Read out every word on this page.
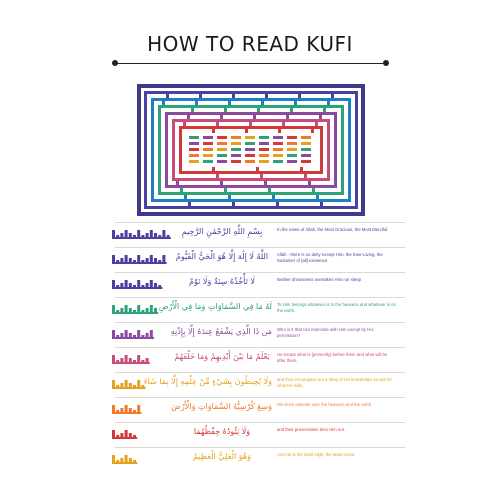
HOW TO READ KUFI
بِسْمِ اللَّهِ الرَّحْمَٰنِ الرَّحِيمِ	In the name of Allah, the Most Gracious, the Most Merciful
اللَّهُ لَا إِلَٰهَ إِلَّا هُوَ الْحَيُّ الْقَيُّومُ	Allah - there is no deity except Him, the Ever-Living, the Sustainer of [all] existence.
لَا تَأْخُذُهُ سِنَةٌ وَلَا نَوْمٌ	Neither drowsiness overtakes Him nor sleep
لَهُ مَا فِي السَّمَاوَاتِ وَمَا فِي الْأَرْضِ To Him belongs whatever is in the heavens and whatever is on the earth.
مَن ذَا الَّذِي يَشْفَعُ عِندَهُ إِلَّا بِإِذْنِهِ Who is it that can intercede with Him except by His permission?
يَعْلَمُ مَا بَيْنَ أَيْدِيهِمْ وَمَا خَلْفَهُمْ	He knows what is [presently] before them and what will be after them,
وَلَا يُحِيطُونَ بِشَيْءٍ مِّنْ عِلْمِهِ إِلَّا بِمَا شَاءَ and they encompass not a thing of His knowledge except for what He wills.
وَسِعَ كُرْسِيُّهُ السَّمَاوَاتِ وَالْأَرْضَ His Kursi extends over the heavens and the earth,
وَلَا يَئُودُهُ حِفْظُهُمَا	and their preservation tires Him not.
وَهُوَ الْعَلِيُّ الْعَظِيمُ	And He is the Most High, the Most Great.
